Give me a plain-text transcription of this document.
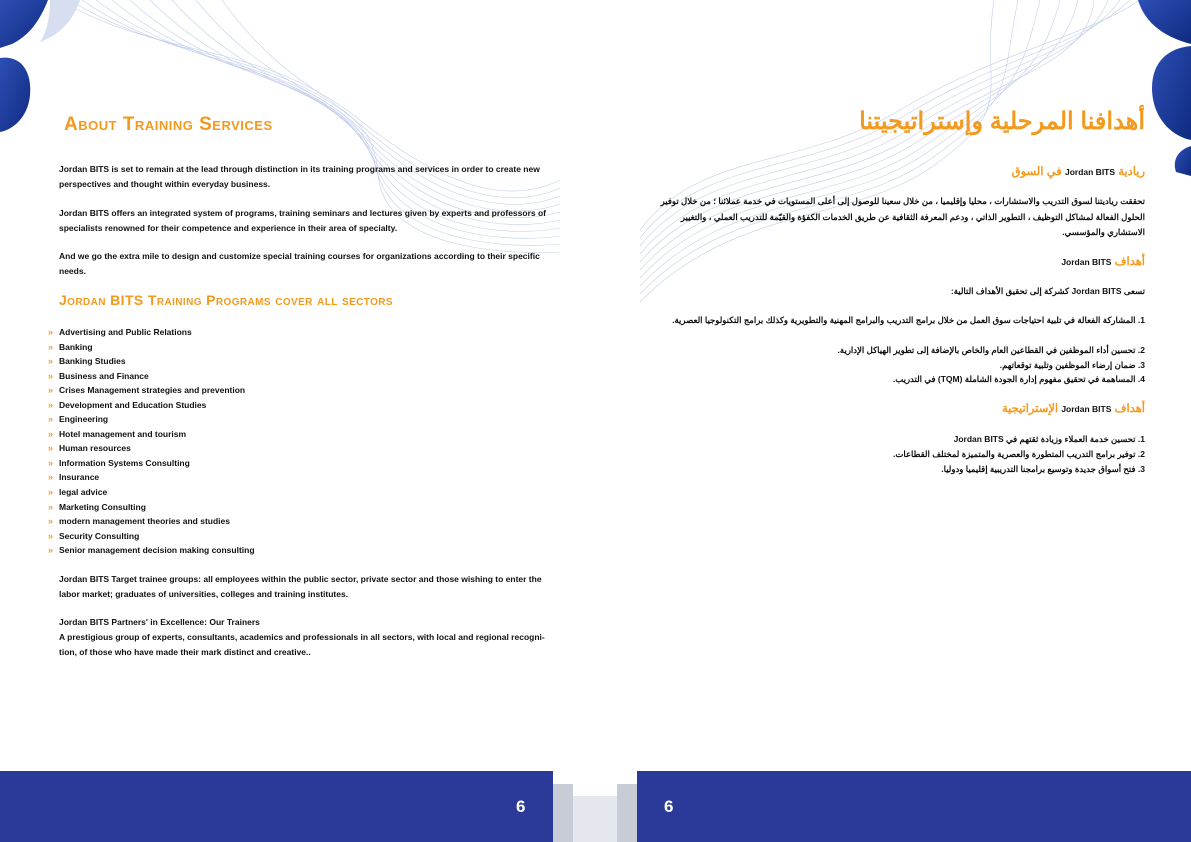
6	6
About Training Services
Jordan BITS is set to remain at the lead through distinction in its training programs and services in order to create new perspectives and thought within everyday business.
Jordan BITS offers an integrated system of programs, training seminars and lectures given by experts and professors of specialists renowned for their competence and experience in their area of specialty.
And we go the extra mile to design and customize special training courses for organizations according to their specific needs.
Jordan BITS Training Programs cover all sectors
» Advertising and Public Relations
» Banking
» Banking Studies
» Business and Finance
» Crises Management strategies and prevention
» Development and Education Studies
» Engineering
» Hotel management and tourism
» Human resources
» Information Systems Consulting
» Insurance
» legal advice
» Marketing Consulting
» modern management theories and studies
» Security Consulting
» Senior management decision making consulting
Jordan BITS Target trainee groups: all employees within the public sector, private sector and those wishing to enter the labor market; graduates of universities, colleges and training institutes.
Jordan BITS Partners' in Excellence: Our Trainers
A prestigious group of experts, consultants, academics and professionals in all sectors, with local and regional recogni-tion, of those who have made their mark distinct and creative..
أهدافنا المرحلية وإستراتيجيتنا
ريادية Jordan BITS في السوق
تحققت رياديتنا لسوق التدريب والاستشارات ، محليا وإقليميا ، من خلال سعينا للوصول إلى أعلى المستويات في خدمة عملائنا ؛ من خلال توفير الحلول الفعالة لمشاكل التوظيف ، التطوير الذاتي ، ودعم المعرفة الثقافية عن طريق الخدمات الكفؤة والقيّمة للتدريب العملي ، والتغيير الاستشاري والمؤسسي.
أهداف Jordan BITS
تسعى Jordan BITS كشركة إلى تحقيق الأهداف التالية:
1. المشاركة الفعالة في تلبية احتياجات سوق العمل من خلال برامج التدريب والبرامج المهنية والتطويرية وكذلك برامج التكنولوجيا العصرية.
2. تحسين أداء الموظفين في القطاعين العام والخاص بالإضافة إلى تطوير الهياكل الإدارية.
3. ضمان إرضاء الموظفين وتلبية توقعاتهم.
4. المساهمة في تحقيق مفهوم إدارة الجودة الشاملة (TQM) في التدريب.
أهداف Jordan BITS الإستراتيجية
1. تحسين خدمة العملاء وزيادة ثقتهم في Jordan BITS
2. توفير برامج التدريب المتطورة والعصرية والمتميزة لمختلف القطاعات.
3. فتح أسواق جديدة وتوسيع برامجنا التدريبية إقليميا ودوليا.
